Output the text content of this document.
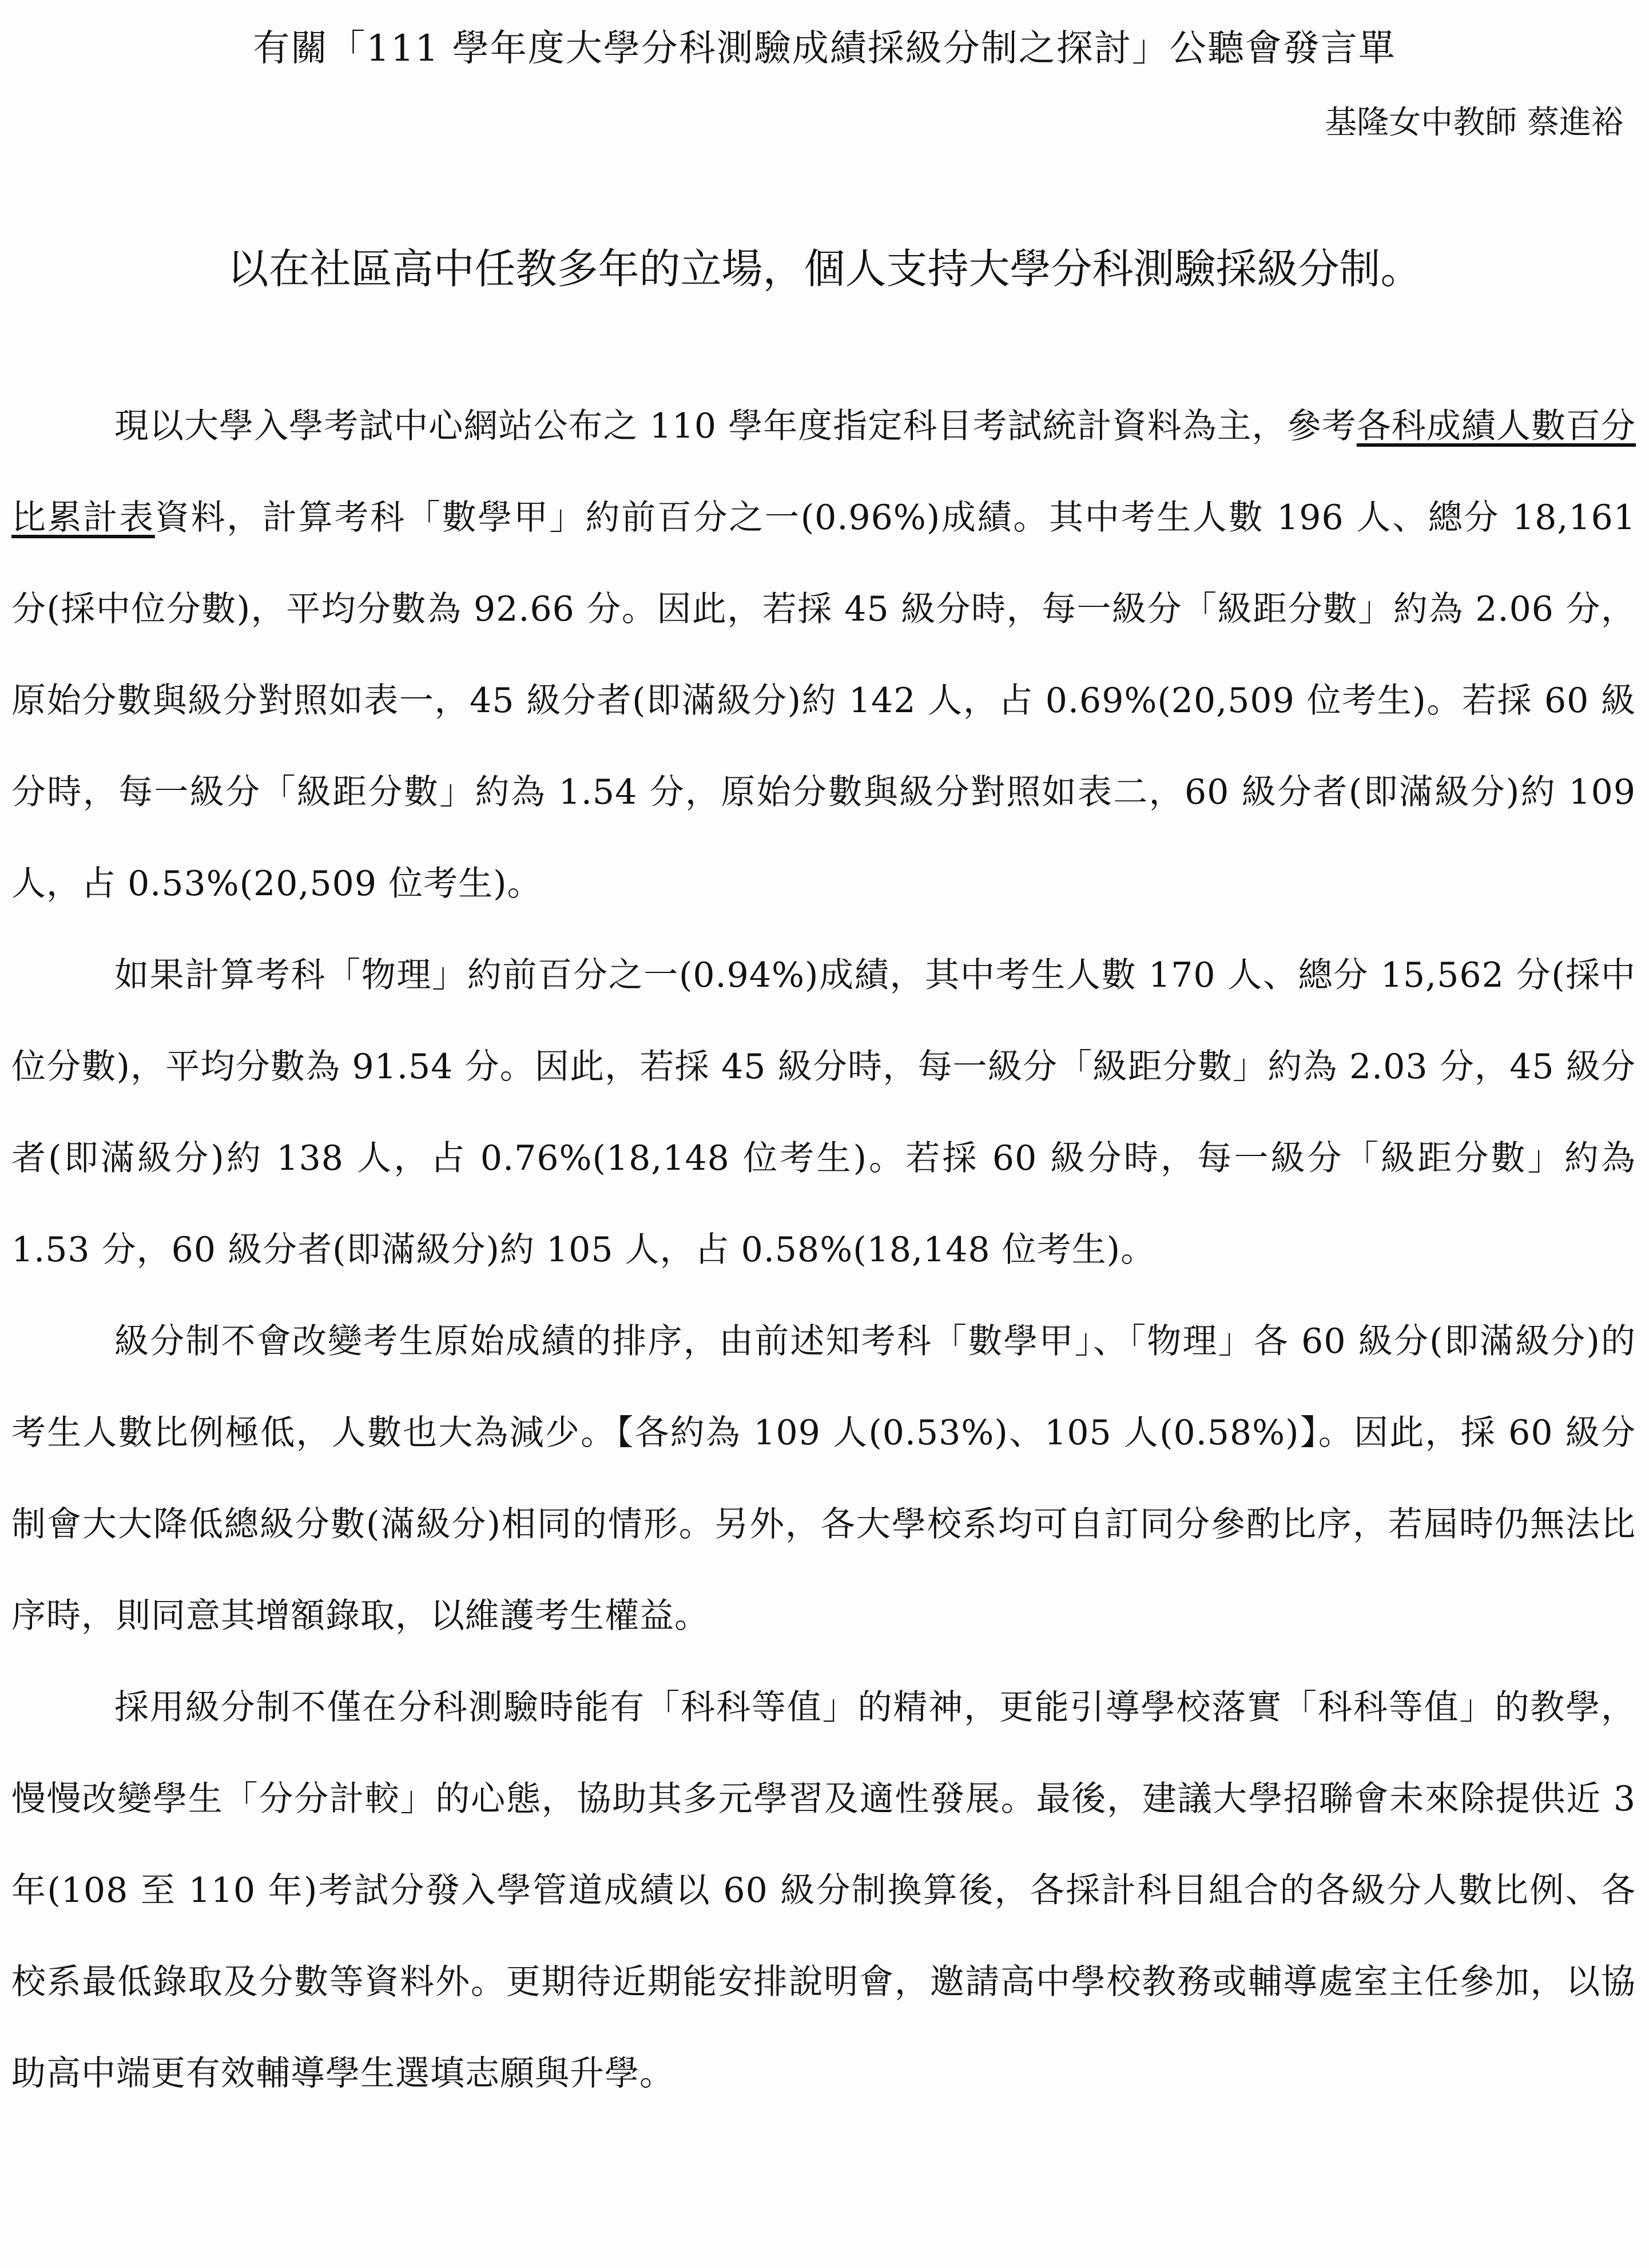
有關「111 學年度大學分科測驗成績採級分制之探討」公聽會發言單
基隆女中教師 蔡進裕
以在社區高中任教多年的立場，個人支持大學分科測驗採級分制。

現以大學入學考試中心網站公布之 110 學年度指定科目考試統計資料為主，參考各科成績人數百分比累計表資料，計算考科「數學甲」約前百分之一(0.96%)成績。其中考生人數 196 人、總分 18,161 分(採中位分數)，平均分數為 92.66 分。因此，若採 45 級分時，每一級分「級距分數」約為 2.06 分，原始分數與級分對照如表一，45 級分者(即滿級分)約 142 人，占 0.69%(20,509 位考生)。若採 60 級分時，每一級分「級距分數」約為 1.54 分，原始分數與級分對照如表二，60 級分者(即滿級分)約 109 人，占 0.53%(20,509 位考生)。

如果計算考科「物理」約前百分之一(0.94%)成績，其中考生人數 170 人、總分 15,562 分(採中位分數)，平均分數為 91.54 分。因此，若採 45 級分時，每一級分「級距分數」約為 2.03 分，45 級分者(即滿級分)約 138 人，占 0.76%(18,148 位考生)。若採 60 級分時，每一級分「級距分數」約為 1.53 分，60 級分者(即滿級分)約 105 人，占 0.58%(18,148 位考生)。

級分制不會改變考生原始成績的排序，由前述知考科「數學甲」、「物理」各 60 級分(即滿級分)的考生人數比例極低，人數也大為減少。【各約為 109 人(0.53%)、105 人(0.58%)】。因此，採 60 級分制會大大降低總級分數(滿級分)相同的情形。另外，各大學校系均可自訂同分參酌比序，若屆時仍無法比序時，則同意其增額錄取，以維護考生權益。

採用級分制不僅在分科測驗時能有「科科等值」的精神，更能引導學校落實「科科等值」的教學，慢慢改變學生「分分計較」的心態，協助其多元學習及適性發展。最後，建議大學招聯會未來除提供近 3 年(108 至 110 年)考試分發入學管道成績以 60 級分制換算後，各採計科目組合的各級分人數比例、各校系最低錄取及分數等資料外。更期待近期能安排說明會，邀請高中學校教務或輔導處室主任參加，以協助高中端更有效輔導學生選填志願與升學。
